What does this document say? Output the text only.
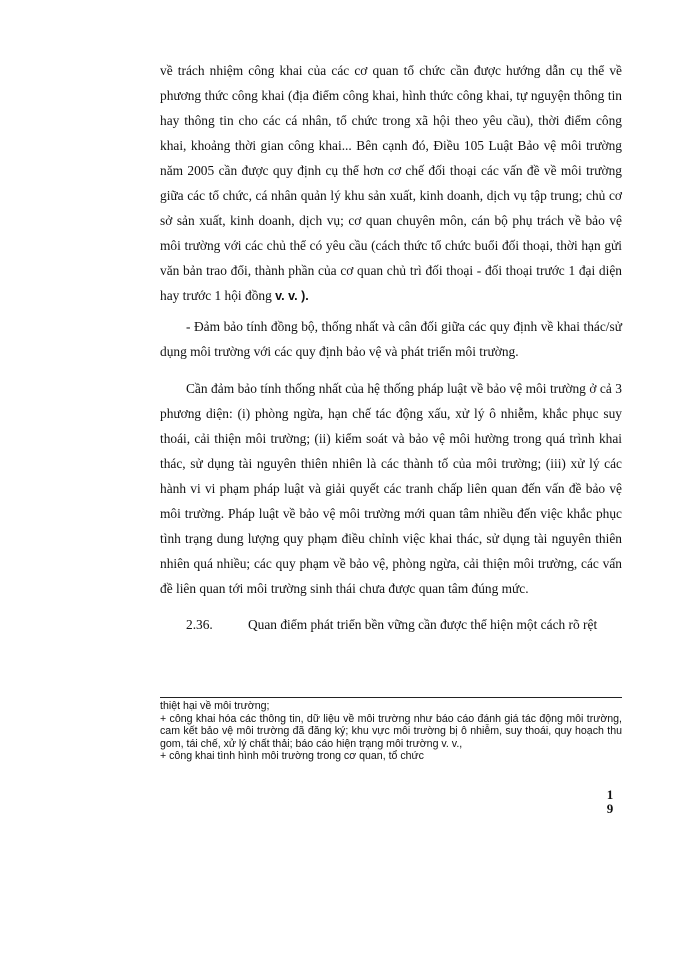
về trách nhiệm công khai của các cơ quan tổ chức cần được hướng dẫn cụ thể về phương thức công khai (địa điểm công khai, hình thức công khai, tự nguyện thông tin hay thông tin cho các cá nhân, tổ chức trong xã hội theo yêu cầu), thời điểm công khai, khoảng thời gian công khai... Bên cạnh đó, Điều 105 Luật Bảo vệ môi trường năm 2005 cần được quy định cụ thể hơn cơ chế đối thoại các vấn đề về môi trường giữa các tổ chức, cá nhân quản lý khu sản xuất, kinh doanh, dịch vụ tập trung; chủ cơ sở sản xuất, kinh doanh, dịch vụ; cơ quan chuyên môn, cán bộ phụ trách về bảo vệ môi trường với các chủ thể có yêu cầu (cách thức tổ chức buổi đối thoại, thời hạn gửi văn bản trao đổi, thành phần của cơ quan chủ trì đối thoại - đối thoại trước 1 đại diện hay trước 1 hội đồng v. v. ).

- Đảm bảo tính đồng bộ, thống nhất và cân đối giữa các quy định về khai thác/sử dụng môi trường với các quy định bảo vệ và phát triển môi trường.

Cần đảm bảo tính thống nhất của hệ thống pháp luật về bảo vệ môi trường ở cả 3 phương diện: (i) phòng ngừa, hạn chế tác động xấu, xử lý ô nhiễm, khắc phục suy thoái, cải thiện môi trường; (ii) kiểm soát và bảo vệ môi hường trong quá trình khai thác, sử dụng tài nguyên thiên nhiên là các thành tố của môi trường; (iii) xử lý các hành vi vi phạm pháp luật và giải quyết các tranh chấp liên quan đến vấn đề bảo vệ môi trường. Pháp luật về bảo vệ môi trường mới quan tâm nhiều đến việc khắc phục tình trạng dung lượng quy phạm điều chỉnh việc khai thác, sử dụng tài nguyên thiên nhiên quá nhiều; các quy phạm về bảo vệ, phòng ngừa, cải thiện môi trường, các vấn đề liên quan tới môi trường sinh thái chưa được quan tâm đúng mức.

2.36.	Quan điểm phát triển bền vững cần được thể hiện một cách rõ rệt

thiệt hại về môi trường;

+ công khai hóa các thông tin, dữ liệu về môi trường như báo cáo đánh giá tác động môi trường, cam kết bảo vệ môi trường đã đăng ký; khu vực môi trường bị ô nhiễm, suy thoái, quy hoạch thu gom, tái chế, xử lý chất thải; báo cáo hiện trạng môi trường v. v.,

+ công khai tình hình môi trường trong cơ quan, tổ chức

1
9
